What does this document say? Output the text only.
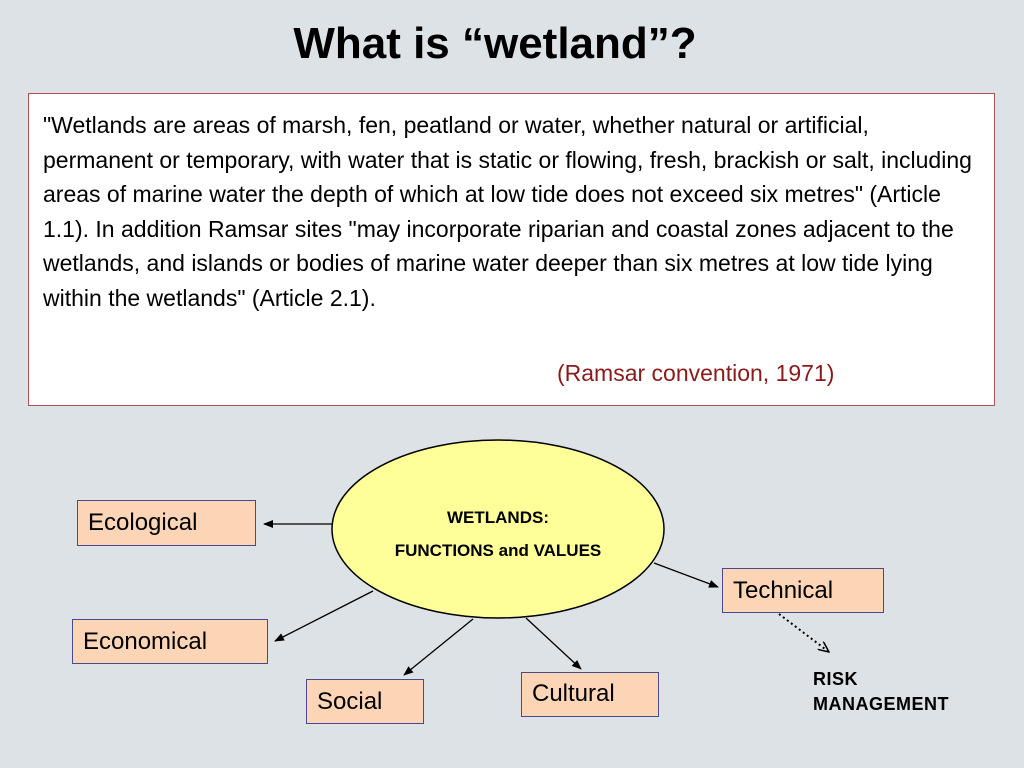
What is “wetland”?

"Wetlands are areas of marsh, fen, peatland or water, whether natural or artificial, permanent or temporary, with water that is static or flowing, fresh, brackish or salt, including areas of marine water the depth of which at low tide does not exceed six metres" (Article 1.1). In addition Ramsar sites "may incorporate riparian and coastal zones adjacent to the wetlands, and islands or bodies of marine water deeper than six metres at low tide lying within the wetlands" (Article 2.1).

(Ramsar convention, 1971)
WETLANDS:
FUNCTIONS and VALUES
Ecological
Economical
Social	Cultural
Technical
RISK
MANAGEMENT
